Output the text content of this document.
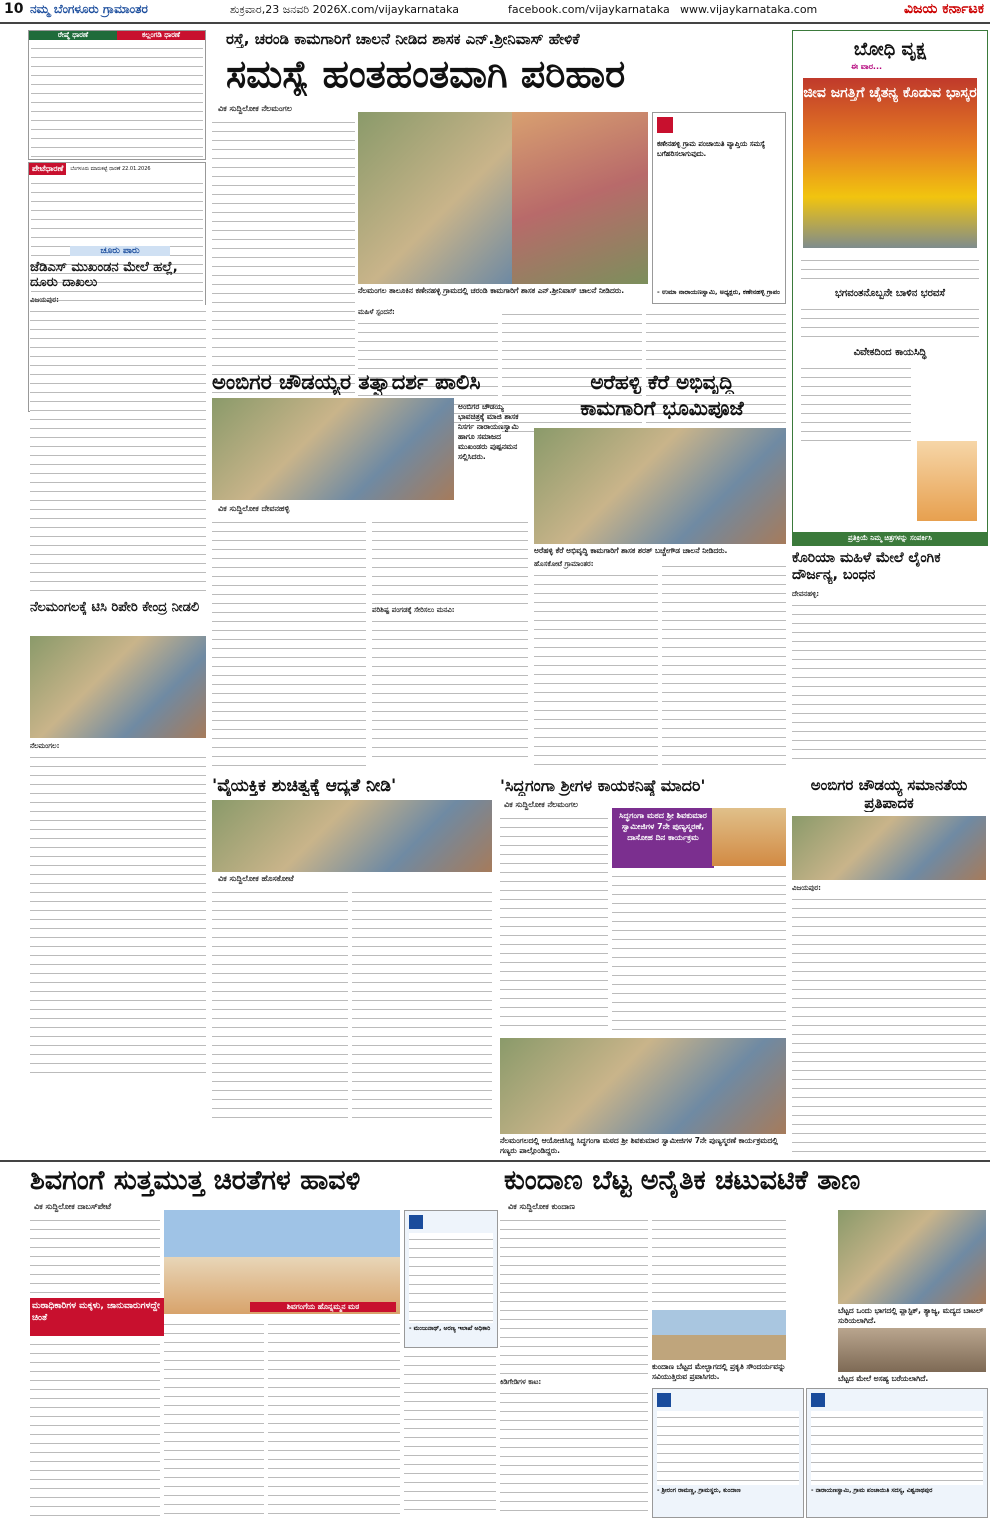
10 ನಮ್ಮ ಬೆಂಗಳೂರು ಗ್ರಾಮಾಂತರ	ಶುಕ್ರವಾರ,23 ಜನವರಿ 2026 X.com/vijaykarnataka	facebook.com/vijaykarnataka www.vijaykarnataka.com	ವಿಜಯ ಕರ್ನಾಟಕ
ರೇಷ್ಮೆ ಧಾರಣೆ	ಕಲ್ಲಂಗಡಿ ಧಾರಣೆ
ಪೇಟೆಧಾರಣೆ	ಬೆಂಗಳೂರು ಮಾರುಕಟ್ಟೆ ಧಾರಣೆ 22.01.2026
ಚೂರು ಪಾರು
ಜೆಡಿಎಸ್ ಮುಖಂಡನ ಮೇಲೆ ಹಲ್ಲೆ, ದೂರು ದಾಖಲು
ವಿಜಯಪುರ:
ನೆಲಮಂಗಲಕ್ಕೆ ಟಿಸಿ ರಿಪೇರಿ ಕೇಂದ್ರ ನೀಡಲಿ
ನೆಲಮಂಗಲ:
ರಸ್ತೆ, ಚರಂಡಿ ಕಾಮಗಾರಿಗೆ ಚಾಲನೆ ನೀಡಿದ ಶಾಸಕ ಎನ್.ಶ್ರೀನಿವಾಸ್ ಹೇಳಿಕೆ
ಸಮಸ್ಯೆ ಹಂತಹಂತವಾಗಿ ಪರಿಹಾರ
ವಿಕ ಸುದ್ದಿಲೋಕ ನೆಲಮಂಗಲ
ನೆಲಮಂಗಲ ತಾಲೂಕಿನ ಕಣೇನಹಳ್ಳಿ ಗ್ರಾಮದಲ್ಲಿ ಚರಂಡಿ ಕಾಮಗಾರಿಗೆ ಶಾಸಕ ಎನ್.ಶ್ರೀನಿವಾಸ್ ಚಾಲನೆ ನೀಡಿದರು.
ಕಣೇನಹಳ್ಳಿ ಗ್ರಾಮ ಪಂಚಾಯಿತಿ ವ್ಯಾಪ್ತಿಯ ಸಮಸ್ಯೆ ಬಗೆಹರಿಸಲಾಗುವುದು.
- ಉಮಾ ನಾರಾಯಣಸ್ವಾಮಿ, ಅಧ್ಯಕ್ಷರು, ಕಣೇನಹಳ್ಳಿ ಗ್ರಾಪಂ
ಮಹಿಳೆ ಸ್ಪಂದನೆ:
ಬೋಧಿ ವೃಕ್ಷ
ಈ ವಾರ...
ಜೀವ ಜಗತ್ತಿಗೆ ಚೈತನ್ಯ ಕೊಡುವ ಭಾಸ್ಕರ
ಭಗವಂತನೊಬ್ಬನೇ ಬಾಳಿನ ಭರವಸೆ
ವಿವೇಕದಿಂದ ಕಾಯಸಿದ್ಧಿ
ಪ್ರತಿಕ್ರಿಯೆ ನಿಮ್ಮ ಚಿತ್ರಗಳನ್ನು ಸಂಪರ್ಕಿಸಿ
ಅಂಬಿಗರ ಚೌಡಯ್ಯರ ತತ್ವಾದರ್ಶ ಪಾಲಿಸಿ
ಅಂಬಿಗರ ಚೌಡಯ್ಯ ಭಾವಚಿತ್ರಕ್ಕೆ ಮಾಜಿ ಶಾಸಕ ನಿಸರ್ಗ ನಾರಾಯಣಸ್ವಾಮಿ ಹಾಗೂ ಸಮಾಜದ ಮುಖಂಡರು ಪುಷ್ಪನಮನ ಸಲ್ಲಿಸಿದರು.
ವಿಕ ಸುದ್ದಿಲೋಕ ದೇವನಹಳ್ಳಿ
ಪರಿಶಿಷ್ಟ ಪಂಗಡಕ್ಕೆ ಸೇರಿಸಲು ಮನವಿ:
ಅರೆಹಳ್ಳಿ ಕೆರೆ ಅಭಿವೃದ್ಧಿ
ಕಾಮಗಾರಿಗೆ ಭೂಮಿಪೂಜೆ
ಅರೆಹಳ್ಳಿ ಕೆರೆ ಅಭಿವೃದ್ಧಿ ಕಾಮಗಾರಿಗೆ ಶಾಸಕ ಶರತ್ ಬಚ್ಚೇಗೌಡ ಚಾಲನೆ ನೀಡಿದರು.
ಹೊಸಕೋಟೆ ಗ್ರಾಮಾಂತರ:	ಕೊರಿಯಾ ಮಹಿಳೆ ಮೇಲೆ ಲೈಂಗಿಕ ದೌರ್ಜನ್ಯ, ಬಂಧನ
ದೇವನಹಳ್ಳಿ:
'ವೈಯಕ್ತಿಕ ಶುಚಿತ್ವಕ್ಕೆ ಆದ್ಯತೆ ನೀಡಿ'
ವಿಕ ಸುದ್ದಿಲೋಕ ಹೊಸಕೋಟೆ
'ಸಿದ್ಧಗಂಗಾ ಶ್ರೀಗಳ ಕಾಯಕನಿಷ್ಠೆ ಮಾದರಿ'
ವಿಕ ಸುದ್ದಿಲೋಕ ನೆಲಮಂಗಲ
ಸಿದ್ಧಗಂಗಾ ಮಠದ ಶ್ರೀ ಶಿವಕುಮಾರ ಸ್ವಾಮೀಜಿಗಳ 7ನೇ ಪುಣ್ಯಸ್ಮರಣೆ, ದಾಸೋಹ ದಿನ ಕಾರ್ಯಕ್ರಮ
ನೆಲಮಂಗಲದಲ್ಲಿ ಆಯೋಜಿಸಿದ್ದ ಸಿದ್ಧಗಂಗಾ ಮಠದ ಶ್ರೀ ಶಿವಕುಮಾರ ಸ್ವಾಮೀಜಿಗಳ 7ನೇ ಪುಣ್ಯಸ್ಮರಣೆ ಕಾರ್ಯಕ್ರಮದಲ್ಲಿ ಗಣ್ಯರು ಪಾಲ್ಗೊಂಡಿದ್ದರು.
ಅಂಬಿಗರ ಚೌಡಯ್ಯ ಸಮಾನತೆಯ ಪ್ರತಿಪಾದಕ
ವಿಜಯಪುರ:
ಶಿವಗಂಗೆ ಸುತ್ತಮುತ್ತ ಚಿರತೆಗಳ ಹಾವಳಿ
ವಿಕ ಸುದ್ದಿಲೋಕ ದಾಬಸ್‌ಪೇಟೆ
ಶಿವಗಂಗೆಯ ಹೊನ್ನಮ್ಮನ ಮಠ
ಮಠಾಧಿಕಾರಿಗಳ ಮಕ್ಕಳು, ಜಾನುವಾರುಗಳದ್ದೇ ಚಿಂತೆ
- ಮಂಜುನಾಥ್, ಅರಣ್ಯ ಇಲಾಖೆ ಅಧಿಕಾರಿ
ಕುಂದಾಣ ಬೆಟ್ಟ ಅನೈತಿಕ ಚಟುವಟಿಕೆ ತಾಣ
ವಿಕ ಸುದ್ದಿಲೋಕ ಕುಂದಾಣ
ಕುಂದಾಣ ಬೆಟ್ಟದ ಮೇಲ್ಭಾಗದಲ್ಲಿ ಪ್ರಕೃತಿ ಸೌಂದರ್ಯವನ್ನು ಸವಿಯುತ್ತಿರುವ ಪ್ರವಾಸಿಗರು.
ಬೆಟ್ಟದ ಒಂದು ಭಾಗದಲ್ಲಿ ಪ್ಲಾಸ್ಟಿಕ್, ತ್ಯಾಜ್ಯ, ಮದ್ಯದ ಬಾಟಲ್ ಸುರಿಯಲಾಗಿದೆ.
ಬೆಟ್ಟದ ಮೇಲೆ ಅಸಹ್ಯ ಬರೆಯಲಾಗಿದೆ.
ಕಿಡಿಗೇಡಿಗಳ ಕಾಟ:
- ಶ್ರೀರಂಗ ರಾಮಣ್ಣ, ಗ್ರಾಮಸ್ಥರು, ಕುಂದಾಣ	- ನಾರಾಯಣಸ್ವಾಮಿ, ಗ್ರಾಮ ಪಂಚಾಯಿತಿ ಸದಸ್ಯ, ವಿಶ್ವನಾಥಪುರ
